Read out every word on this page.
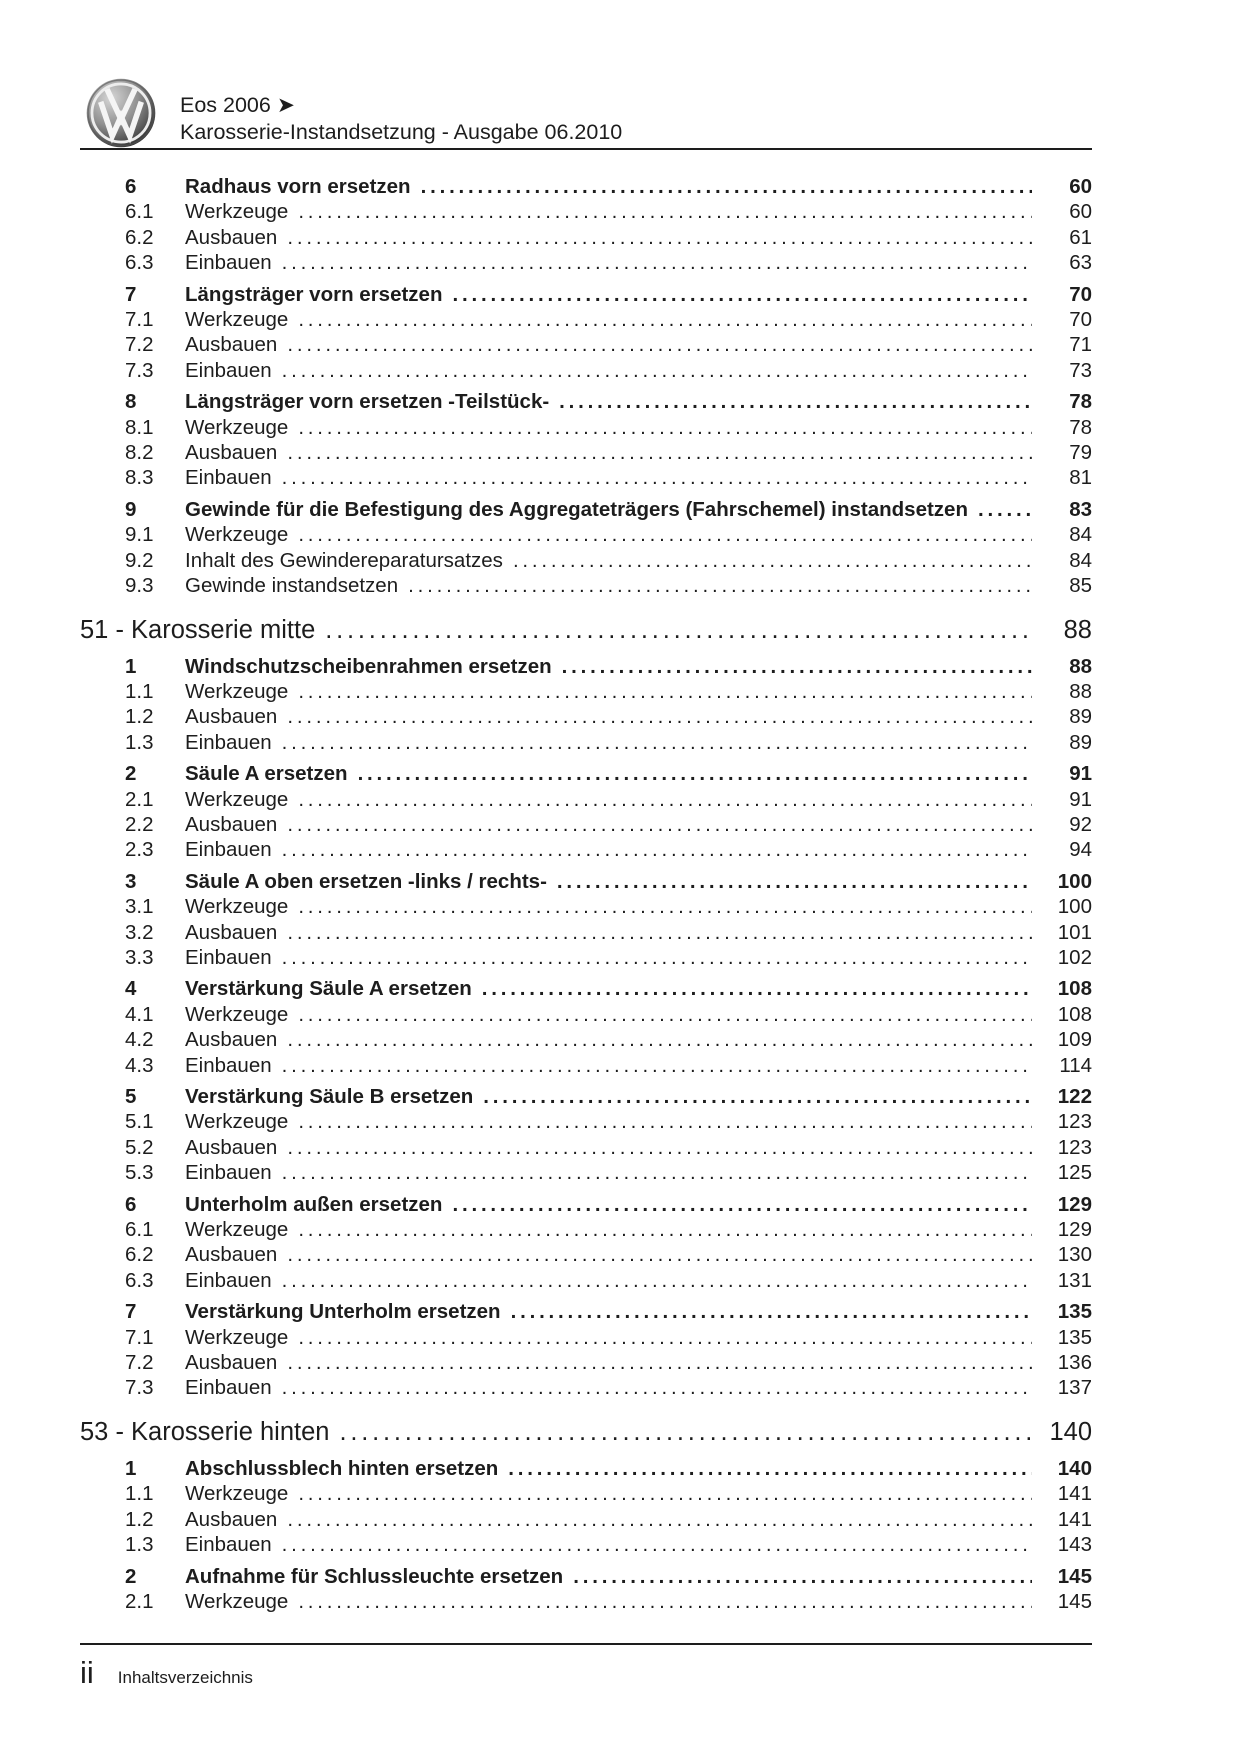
Eos 2006 ➤
Karosserie-Instandsetzung - Ausgabe 06.2010
6	Radhaus vorn ersetzen .....	60
6.1	Werkzeuge .....	60
6.2	Ausbauen .....	61
6.3	Einbauen .....	63
7	Längsträger vorn ersetzen .....	70
7.1	Werkzeuge .....	70
7.2	Ausbauen .....	71
7.3	Einbauen .....	73
8	Längsträger vorn ersetzen -Teilstück- .....	78
8.1	Werkzeuge .....	78
8.2	Ausbauen .....	79
8.3	Einbauen .....	81
9	Gewinde für die Befestigung des Aggregateträgers (Fahrschemel) instandsetzen .....	83
9.1	Werkzeuge .....	84
9.2	Inhalt des Gewindereparatursatzes .....	84
9.3	Gewinde instandsetzen .....	85
51 - Karosserie mitte .....	88
1	Windschutzscheibenrahmen ersetzen .....	88
1.1	Werkzeuge .....	88
1.2	Ausbauen .....	89
1.3	Einbauen .....	89
2	Säule A ersetzen .....	91
2.1	Werkzeuge .....	91
2.2	Ausbauen .....	92
2.3	Einbauen .....	94
3	Säule A oben ersetzen -links / rechts- .....	100
3.1	Werkzeuge .....	100
3.2	Ausbauen .....	101
3.3	Einbauen .....	102
4	Verstärkung Säule A ersetzen .....	108
4.1	Werkzeuge .....	108
4.2	Ausbauen .....	109
4.3	Einbauen .....	114
5	Verstärkung Säule B ersetzen .....	122
5.1	Werkzeuge .....	123
5.2	Ausbauen .....	123
5.3	Einbauen .....	125
6	Unterholm außen ersetzen .....	129
6.1	Werkzeuge .....	129
6.2	Ausbauen .....	130
6.3	Einbauen .....	131
7	Verstärkung Unterholm ersetzen .....	135
7.1	Werkzeuge .....	135
7.2	Ausbauen .....	136
7.3	Einbauen .....	137
53 - Karosserie hinten .....	140
1	Abschlussblech hinten ersetzen .....	140
1.1	Werkzeuge .....	141
1.2	Ausbauen .....	141
1.3	Einbauen .....	143
2	Aufnahme für Schlussleuchte ersetzen .....	145
2.1	Werkzeuge .....	145
ii Inhaltsverzeichnis
